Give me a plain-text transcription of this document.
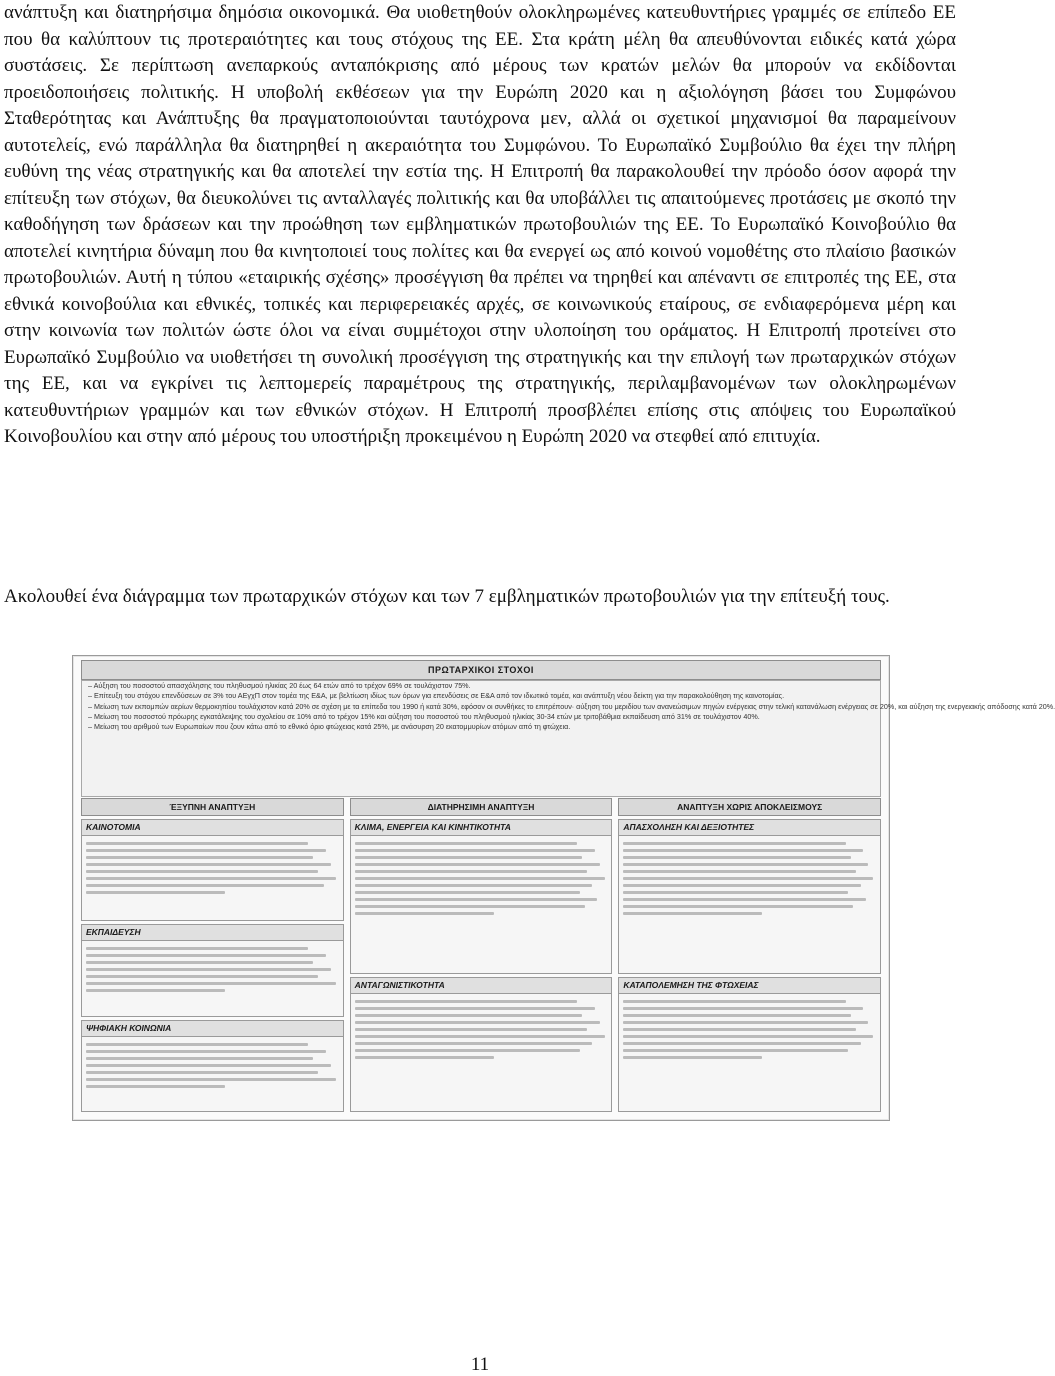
ανάπτυξη και διατηρήσιμα δημόσια οικονομικά. Θα υιοθετηθούν ολοκληρωμένες κατευθυντήριες γραμμές σε επίπεδο ΕΕ που θα καλύπτουν τις προτεραιότητες και τους στόχους της ΕΕ. Στα κράτη μέλη θα απευθύνονται ειδικές κατά χώρα συστάσεις. Σε περίπτωση ανεπαρκούς ανταπόκρισης από μέρους των κρατών μελών θα μπορούν να εκδίδονται προειδοποιήσεις πολιτικής. Η υποβολή εκθέσεων για την Ευρώπη 2020 και η αξιολόγηση βάσει του Συμφώνου Σταθερότητας και Ανάπτυξης θα πραγματοποιούνται ταυτόχρονα μεν, αλλά οι σχετικοί μηχανισμοί θα παραμείνουν αυτοτελείς, ενώ παράλληλα θα διατηρηθεί η ακεραιότητα του Συμφώνου. Το Ευρωπαϊκό Συμβούλιο θα έχει την πλήρη ευθύνη της νέας στρατηγικής και θα αποτελεί την εστία της. Η Επιτροπή θα παρακολουθεί την πρόοδο όσον αφορά την επίτευξη των στόχων, θα διευκολύνει τις ανταλλαγές πολιτικής και θα υποβάλλει τις απαιτούμενες προτάσεις με σκοπό την καθοδήγηση των δράσεων και την προώθηση των εμβληματικών πρωτοβουλιών της ΕΕ. Το Ευρωπαϊκό Κοινοβούλιο θα αποτελεί κινητήρια δύναμη που θα κινητοποιεί τους πολίτες και θα ενεργεί ως από κοινού νομοθέτης στο πλαίσιο βασικών πρωτοβουλιών. Αυτή η τύπου «εταιρικής σχέσης» προσέγγιση θα πρέπει να τηρηθεί και απέναντι σε επιτροπές της ΕΕ, στα εθνικά κοινοβούλια και εθνικές, τοπικές και περιφερειακές αρχές, σε κοινωνικούς εταίρους, σε ενδιαφερόμενα μέρη και στην κοινωνία των πολιτών ώστε όλοι να είναι συμμέτοχοι στην υλοποίηση του οράματος. Η Επιτροπή προτείνει στο Ευρωπαϊκό Συμβούλιο να υιοθετήσει τη συνολική προσέγγιση της στρατηγικής και την επιλογή των πρωταρχικών στόχων της ΕΕ, και να εγκρίνει τις λεπτομερείς παραμέτρους της στρατηγικής, περιλαμβανομένων των ολοκληρωμένων κατευθυντήριων γραμμών και των εθνικών στόχων. Η Επιτροπή προσβλέπει επίσης στις απόψεις του Ευρωπαϊκού Κοινοβουλίου και στην από μέρους του υποστήριξη προκειμένου η Ευρώπη 2020 να στεφθεί από επιτυχία.

Ακολουθεί ένα διάγραμμα των πρωταρχικών στόχων και των 7 εμβληματικών πρωτοβουλιών για την επίτευξή τους.

ΠΡΩΤΑΡΧΙΚΟΙ ΣΤΟΧΟΙ
– Αύξηση του ποσοστού απασχόλησης του πληθυσμού ηλικίας 20 έως 64 ετών από το τρέχον 69% σε τουλάχιστον 75%.
– Επίτευξη του στόχου επενδύσεων σε 3% του ΑΕγχΠ στον τομέα της Ε&Α, με βελτίωση ιδίως των όρων για επενδύσεις σε Ε&Α από τον ιδιωτικό τομέα, και ανάπτυξη νέου δείκτη για την παρακολούθηση της καινοτομίας.
– Μείωση των εκπομπών αερίων θερμοκηπίου τουλάχιστον κατά 20% σε σχέση με τα επίπεδα του 1990 ή κατά 30%, εφόσον οι συνθήκες το επιτρέπουν· αύξηση του μεριδίου των ανανεώσιμων πηγών ενέργειας στην τελική κατανάλωση ενέργειας σε 20%, και αύξηση της ενεργειακής απόδοσης κατά 20%.
– Μείωση του ποσοστού πρόωρης εγκατάλειψης του σχολείου σε 10% από το τρέχον 15% και αύξηση του ποσοστού του πληθυσμού ηλικίας 30-34 ετών με τριτοβάθμια εκπαίδευση από 31% σε τουλάχιστον 40%.
– Μείωση του αριθμού των Ευρωπαίων που ζουν κάτω από το εθνικό όριο φτώχειας κατά 25%, με ανάσυρση 20 εκατομμυρίων ατόμων από τη φτώχεια.
ΈΞΥΠΝΗ ΑΝΑΠΤΥΞΗ
ΚΑΙΝΟΤΟΜΙΑ
ΕΚΠΑΙΔΕΥΣΗ
ΨΗΦΙΑΚΗ ΚΟΙΝΩΝΙΑ
ΔΙΑΤΗΡΗΣΙΜΗ ΑΝΑΠΤΥΞΗ
ΚΛΙΜΑ, ΕΝΕΡΓΕΙΑ ΚΑΙ ΚΙΝΗΤΙΚΟΤΗΤΑ
ΑΝΤΑΓΩΝΙΣΤΙΚΟΤΗΤΑ
ΑΝΑΠΤΥΞΗ ΧΩΡΙΣ ΑΠΟΚΛΕΙΣΜΟΥΣ
ΑΠΑΣΧΟΛΗΣΗ ΚΑΙ ΔΕΞΙΟΤΗΤΕΣ
ΚΑΤΑΠΟΛΕΜΗΣΗ ΤΗΣ ΦΤΩΧΕΙΑΣ
11
